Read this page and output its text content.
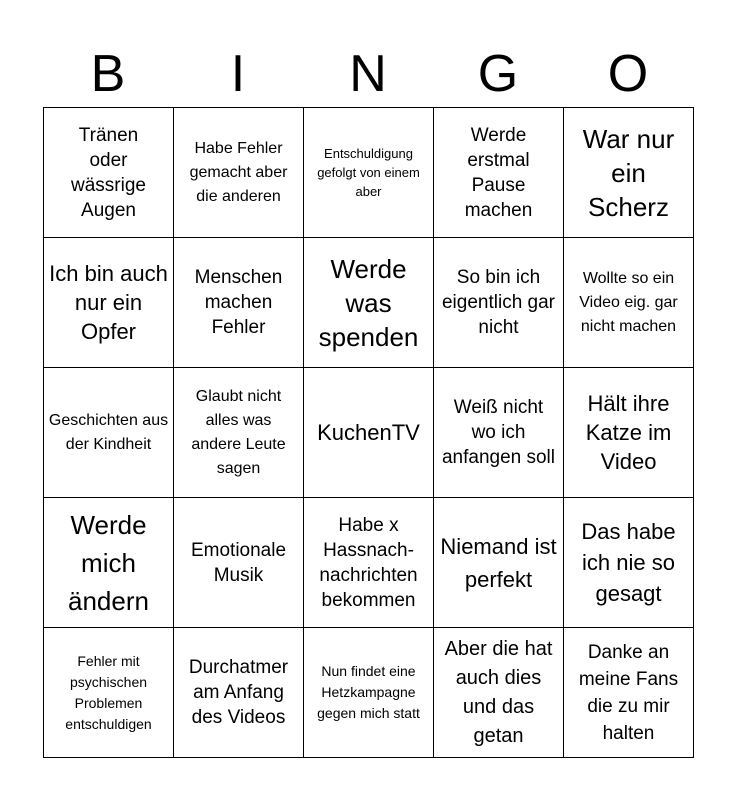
B	I	N	G	O
Tränen oder wässrige Augen
Habe Fehler gemacht aber die anderen
Entschuldigung gefolgt von einem aber
Werde erstmal Pause machen
War nur ein Scherz
Ich bin auch nur ein Opfer
Menschen machen Fehler
Werde was spenden
So bin ich eigentlich gar nicht
Wollte so ein Video eig. gar nicht machen
Geschichten aus der Kindheit
Glaubt nicht alles was andere Leute sagen
KuchenTV
Weiß nicht wo ich anfangen soll
Hält ihre Katze im Video
Werde mich ändern
Emotionale Musik
Habe x Hassnach-nachrichten bekommen
Niemand ist perfekt
Das habe ich nie so gesagt
Fehler mit psychischen Problemen entschuldigen
Durchatmer am Anfang des Videos
Nun findet eine Hetzkampagne gegen mich statt
Aber die hat auch dies und das getan
Danke an meine Fans die zu mir halten
